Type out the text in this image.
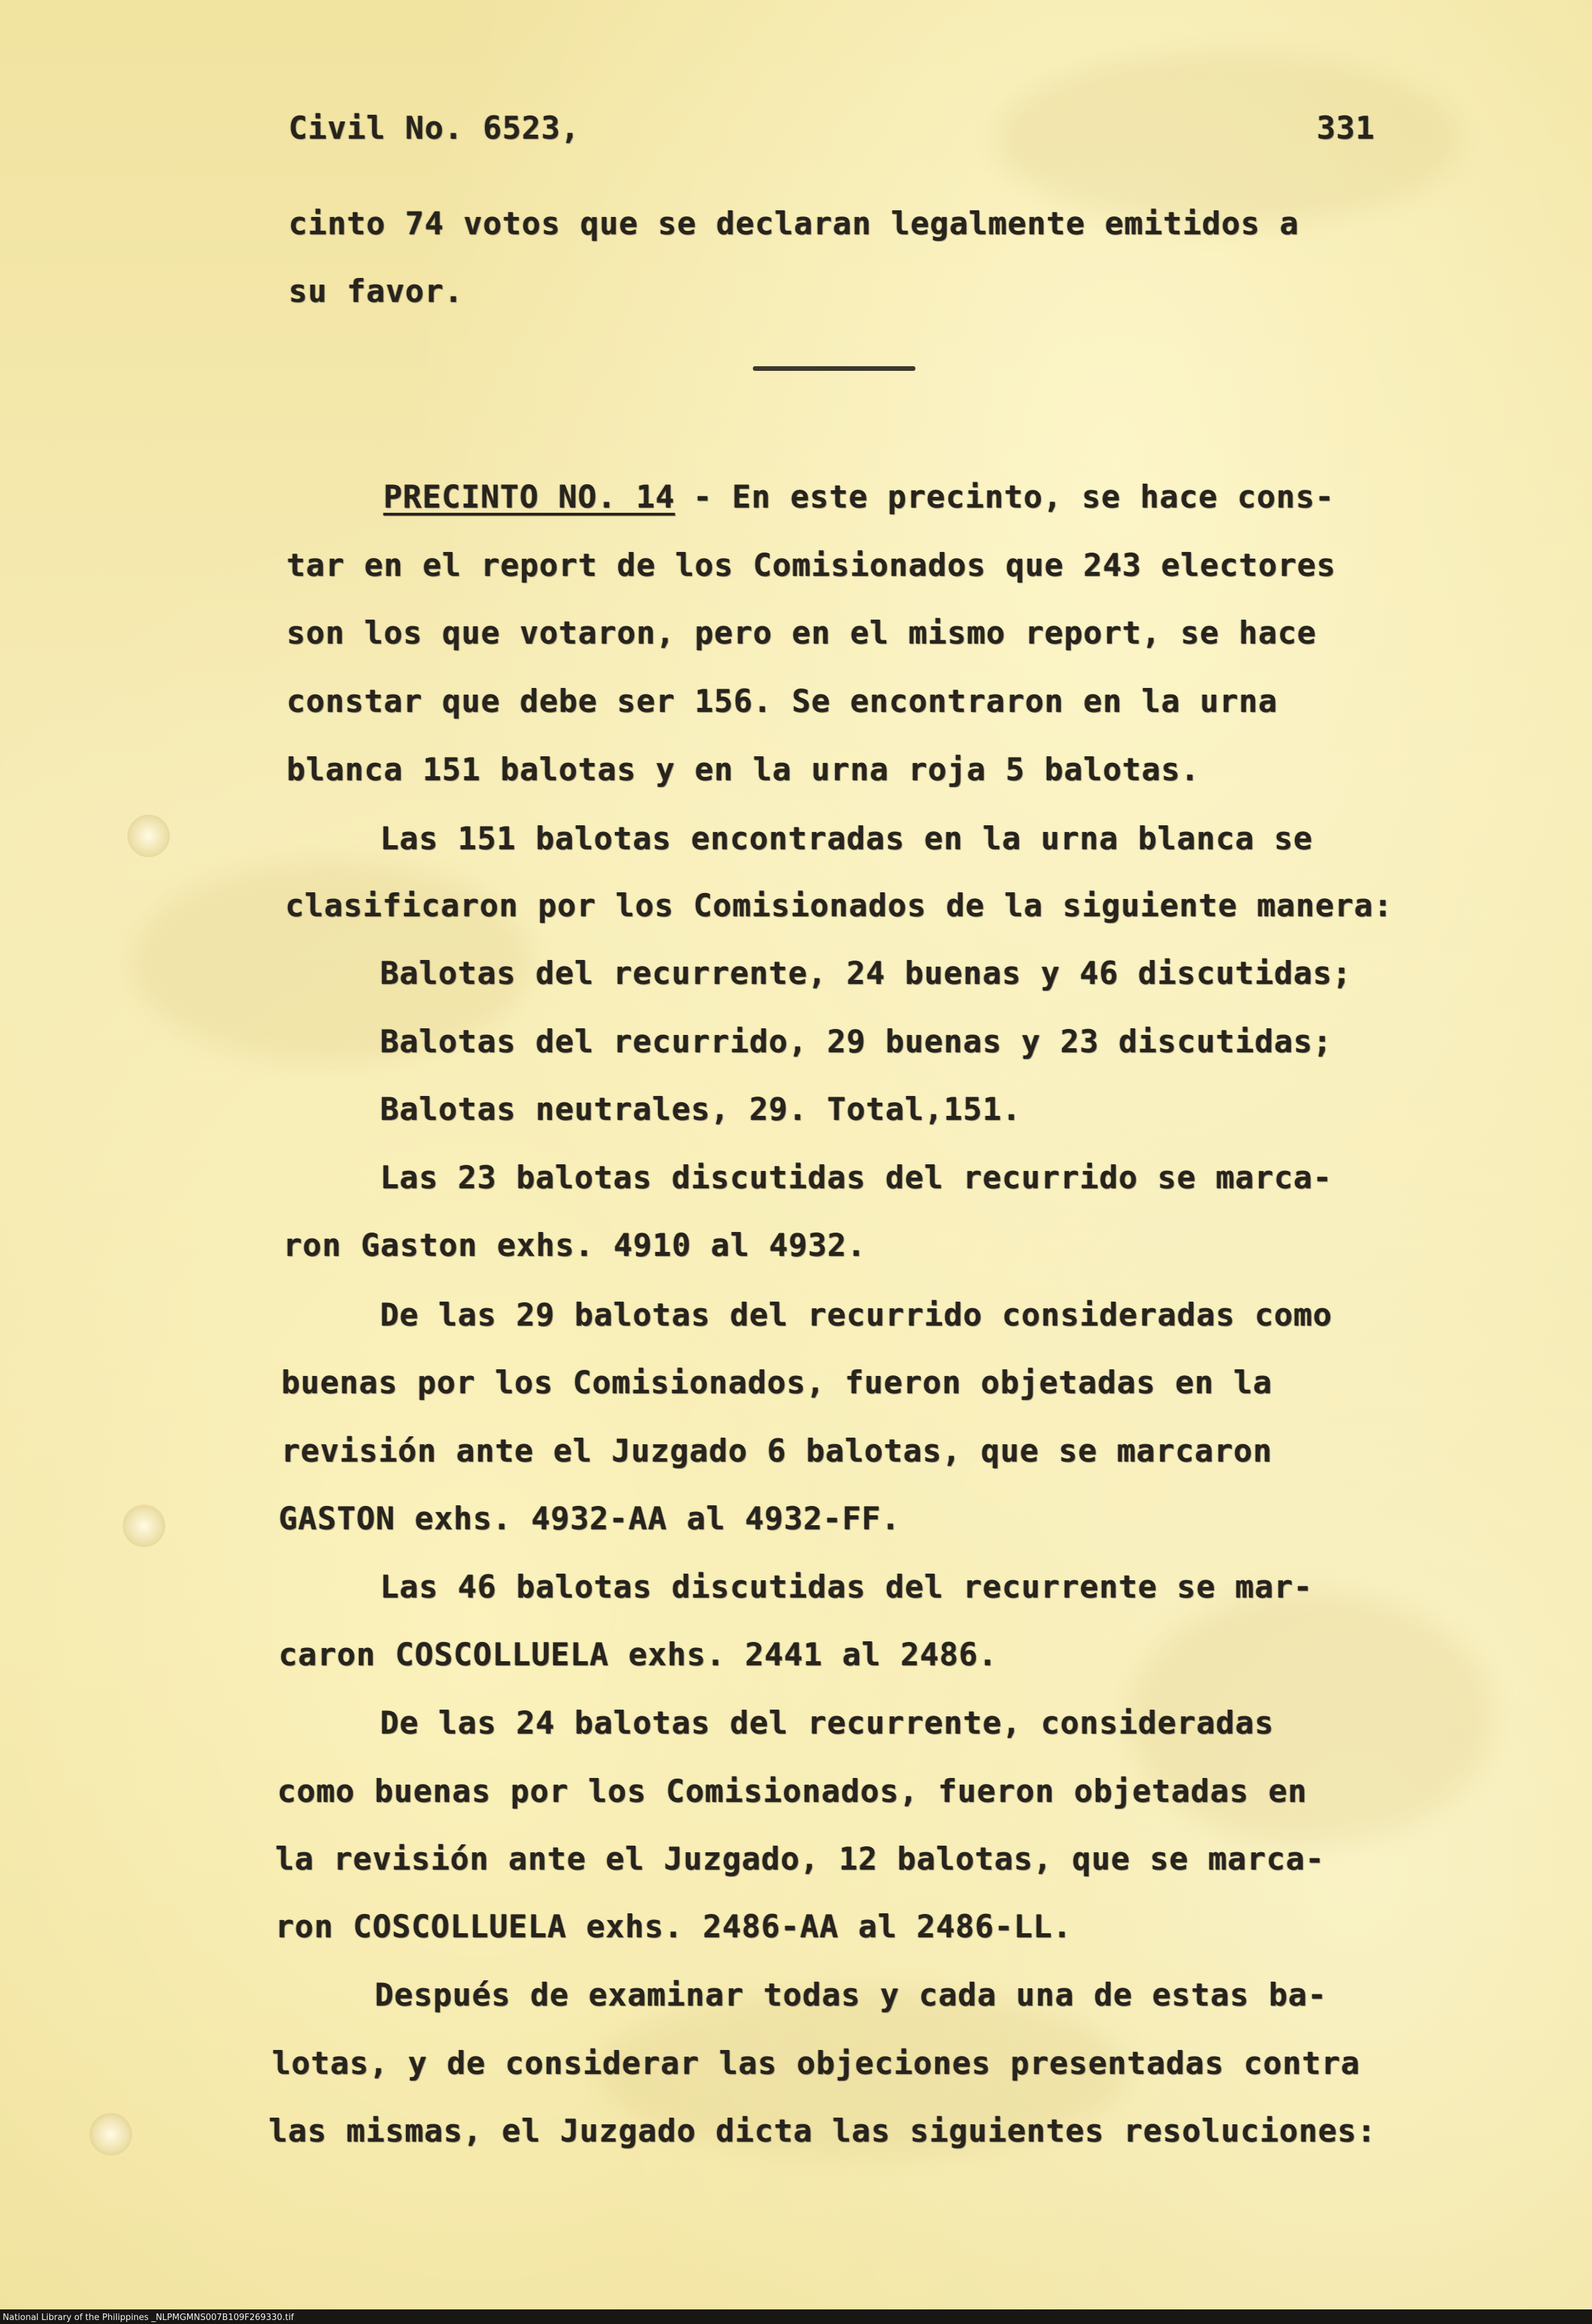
Civil No. 6523,	331
cinto 74 votos que se declaran legalmente emitidos a
su favor.
PRECINTO NO. 14 - En este precinto, se hace cons-
tar en el report de los Comisionados que 243 electores
son los que votaron, pero en el mismo report, se hace
constar que debe ser 156. Se encontraron en la urna
blanca 151 balotas y en la urna roja 5 balotas.
Las 151 balotas encontradas en la urna blanca se
clasificaron por los Comisionados de la siguiente manera:
Balotas del recurrente, 24 buenas y 46 discutidas;
Balotas del recurrido, 29 buenas y 23 discutidas;
Balotas neutrales, 29. Total,151.
Las 23 balotas discutidas del recurrido se marca-
ron Gaston exhs. 4910 al 4932.
De las 29 balotas del recurrido consideradas como
buenas por los Comisionados, fueron objetadas en la
revisión ante el Juzgado 6 balotas, que se marcaron
GASTON exhs. 4932-AA al 4932-FF.
Las 46 balotas discutidas del recurrente se mar-
caron COSCOLLUELA exhs. 2441 al 2486.
De las 24 balotas del recurrente, consideradas
como buenas por los Comisionados, fueron objetadas en
la revisión ante el Juzgado, 12 balotas, que se marca-
ron COSCOLLUELA exhs. 2486-AA al 2486-LL.
Después de examinar todas y cada una de estas ba-
lotas, y de considerar las objeciones presentadas contra
las mismas, el Juzgado dicta las siguientes resoluciones:
National Library of the Philippines _NLPMGMNS007B109F269330.tif
